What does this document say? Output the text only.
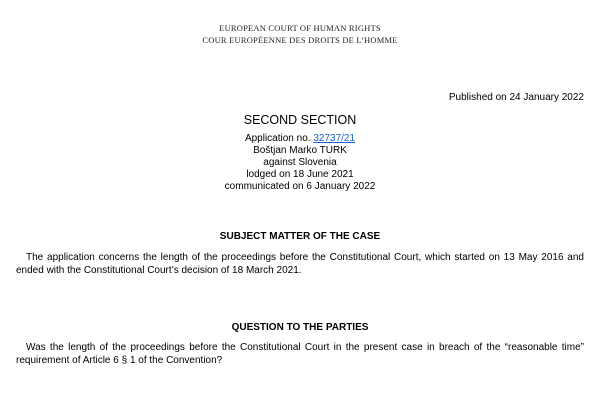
EUROPEAN COURT OF HUMAN RIGHTS
COUR EUROPÉENNE DES DROITS DE L’HOMME
Published on 24 January 2022
SECOND SECTION
Application no. 32737/21
Boštjan Marko TURK
against Slovenia
lodged on 18 June 2021
communicated on 6 January 2022
SUBJECT MATTER OF THE CASE
The application concerns the length of the proceedings before the Constitutional Court, which started on 13 May 2016 and ended with the Constitutional Court’s decision of 18 March 2021.
QUESTION TO THE PARTIES
Was the length of the proceedings before the Constitutional Court in the present case in breach of the “reasonable time” requirement of Article 6 § 1 of the Convention?
